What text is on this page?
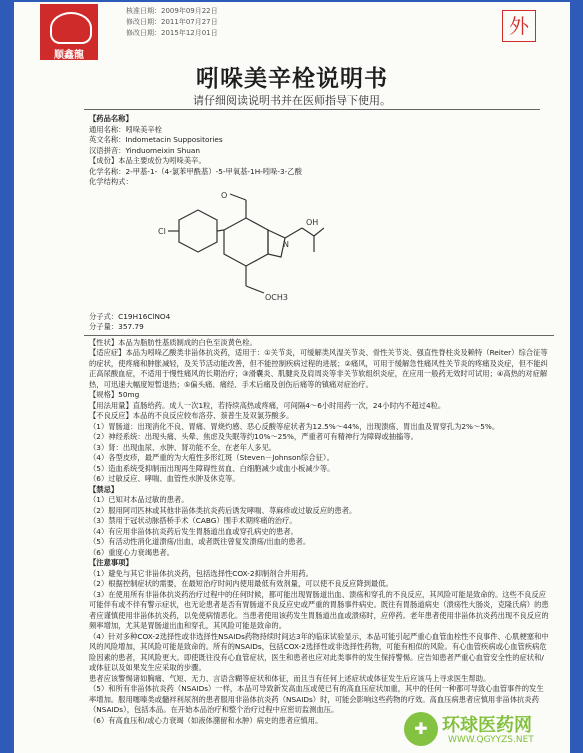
顺鑫龍
核准日期：2009年09月22日
修改日期：2011年07月27日
修改日期：2015年12月01日	外
吲哚美辛栓说明书
请仔细阅读说明书并在医师指导下使用。

【药品名称】

通用名称：吲哚美辛栓

英文名称：Indometacin Suppositories

汉语拼音：Yinduomeixin Shuan

【成份】本品主要成份为吲哚美辛。

化学名称：2-甲基-1-（4-氯苯甲酰基）-5-甲氧基-1H-吲哚-3-乙酸

化学结构式：

Cl
O
OH
OCH3
N

分子式：C19H16ClNO4

分子量：357.79

【性状】本品为脂肪性基质制成的白色至淡黄色栓。

【适应症】本品为吲哚乙酸类非甾体抗炎药，适用于：①关节炎，可缓解类风湿关节炎、骨性关节炎、强直性脊柱炎及赖特（Reiter）综合征等的症状，使疼痛和肿胀减轻，及关节活动能改善，但不能控制疾病过程的进展；②痛风，可用于缓解急性痛风性关节炎的疼痛及炎症，但不能纠正高尿酸血症，不适用于慢性痛风的长期治疗；③滑囊炎、肌腱炎及肩周炎等非关节软组织炎症，在应用一般药无效时可试用；④高热的对症解热，可迅速大幅度短暂退热；⑤偏头痛、痛经、手术后痛及创伤后痛等的镇痛对症治疗。

【规格】50mg

【用法用量】直肠给药。成人一次1粒，若持续高热或疼痛，可间隔4～6小时用药一次，24小时内不超过4粒。

【不良反应】本品的不良反应较布洛芬、萘普生及双氯芬酸多。

（1）胃肠道：出现消化不良、胃痛、胃烧灼感、恶心反酸等症状者为12.5%～44%，出现溃疡、胃出血及胃穿孔为2%～5%。

（2）神经系统：出现头痛、头晕、焦虑及失眠等约10%～25%，严重者可有精神行为障碍或抽搐等。

（3）肾：出现血尿、水肿、肾功能不全，在老年人多见。

（4）各型皮疹，最严重的为大疱性多形红斑（Steven－Johnson综合征）。

（5）造血系统受抑制而出现再生障碍性贫血、白细胞减少或血小板减少等。

（6）过敏反应、哮喘、血管性水肿及休克等。

【禁忌】

（1）已知对本品过敏的患者。

（2）服用阿司匹林或其他非甾体类抗炎药后诱发哮喘、荨麻疹或过敏反应的患者。

（3）禁用于冠状动脉搭桥手术（CABG）围手术期疼痛的治疗。

（4）有应用非甾体抗炎药后发生胃肠道出血或穿孔病史的患者。

（5）有活动性消化道溃疡/出血，或者既往曾复发溃疡/出血的患者。

（6）重度心力衰竭患者。

【注意事项】

（1）避免与其它非甾体抗炎药，包括选择性COX-2抑制剂合并用药。

（2）根据控制症状的需要，在最短治疗时间内使用最低有效剂量，可以使不良反应降到最低。

（3）在使用所有非甾体抗炎药治疗过程中的任何时候，都可能出现胃肠道出血、溃疡和穿孔的不良反应，其风险可能是致命的。这些不良反应可能伴有或不伴有警示症状，也无论患者是否有胃肠道不良反应史或严重的胃肠事件病史。既往有胃肠道病史（溃疡性大肠炎，克隆氏病）的患者应谨慎使用非甾体抗炎药，以免使病情恶化。当患者使用该药发生胃肠道出血或溃疡时，应停药。老年患者使用非甾体抗炎药出现不良反应的频率增加，尤其是胃肠道出血和穿孔，其风险可能是致命的。

（4）针对多种COX-2选择性或非选择性NSAIDs药物持续时间达3年的临床试验显示，本品可能引起严重心血管血栓性不良事件、心肌梗塞和中风的风险增加，其风险可能是致命的。所有的NSAIDs，包括COX-2选择性或非选择性药物，可能有相似的风险。有心血管疾病或心血管疾病危险因素的患者，其风险更大。即使既往没有心血管症状，医生和患者也应对此类事件的发生保持警惕。应告知患者严重心血管安全性的症状和/或体征以及如果发生应采取的步骤。

患者应该警惕诸如胸痛、气短、无力、言语含糊等症状和体征，而且当有任何上述症状或体征发生后应该马上寻求医生帮助。

（5）和所有非甾体抗炎药（NSAIDs）一样，本品可导致新发高血压或使已有的高血压症状加重，其中的任何一种都可导致心血管事件的发生率增加。服用噻嗪类或髓袢利尿剂的患者服用非甾体抗炎药（NSAIDs）时，可能会影响这些药物的疗效。高血压病患者应慎用非甾体抗炎药（NSAIDs），包括本品。在开始本品治疗和整个治疗过程中应密切监测血压。

（6）有高血压和/或心力衰竭（如液体潴留和水肿）病史的患者应慎用。	✚ 环球医药网
WWW.QGYYZS.NET
